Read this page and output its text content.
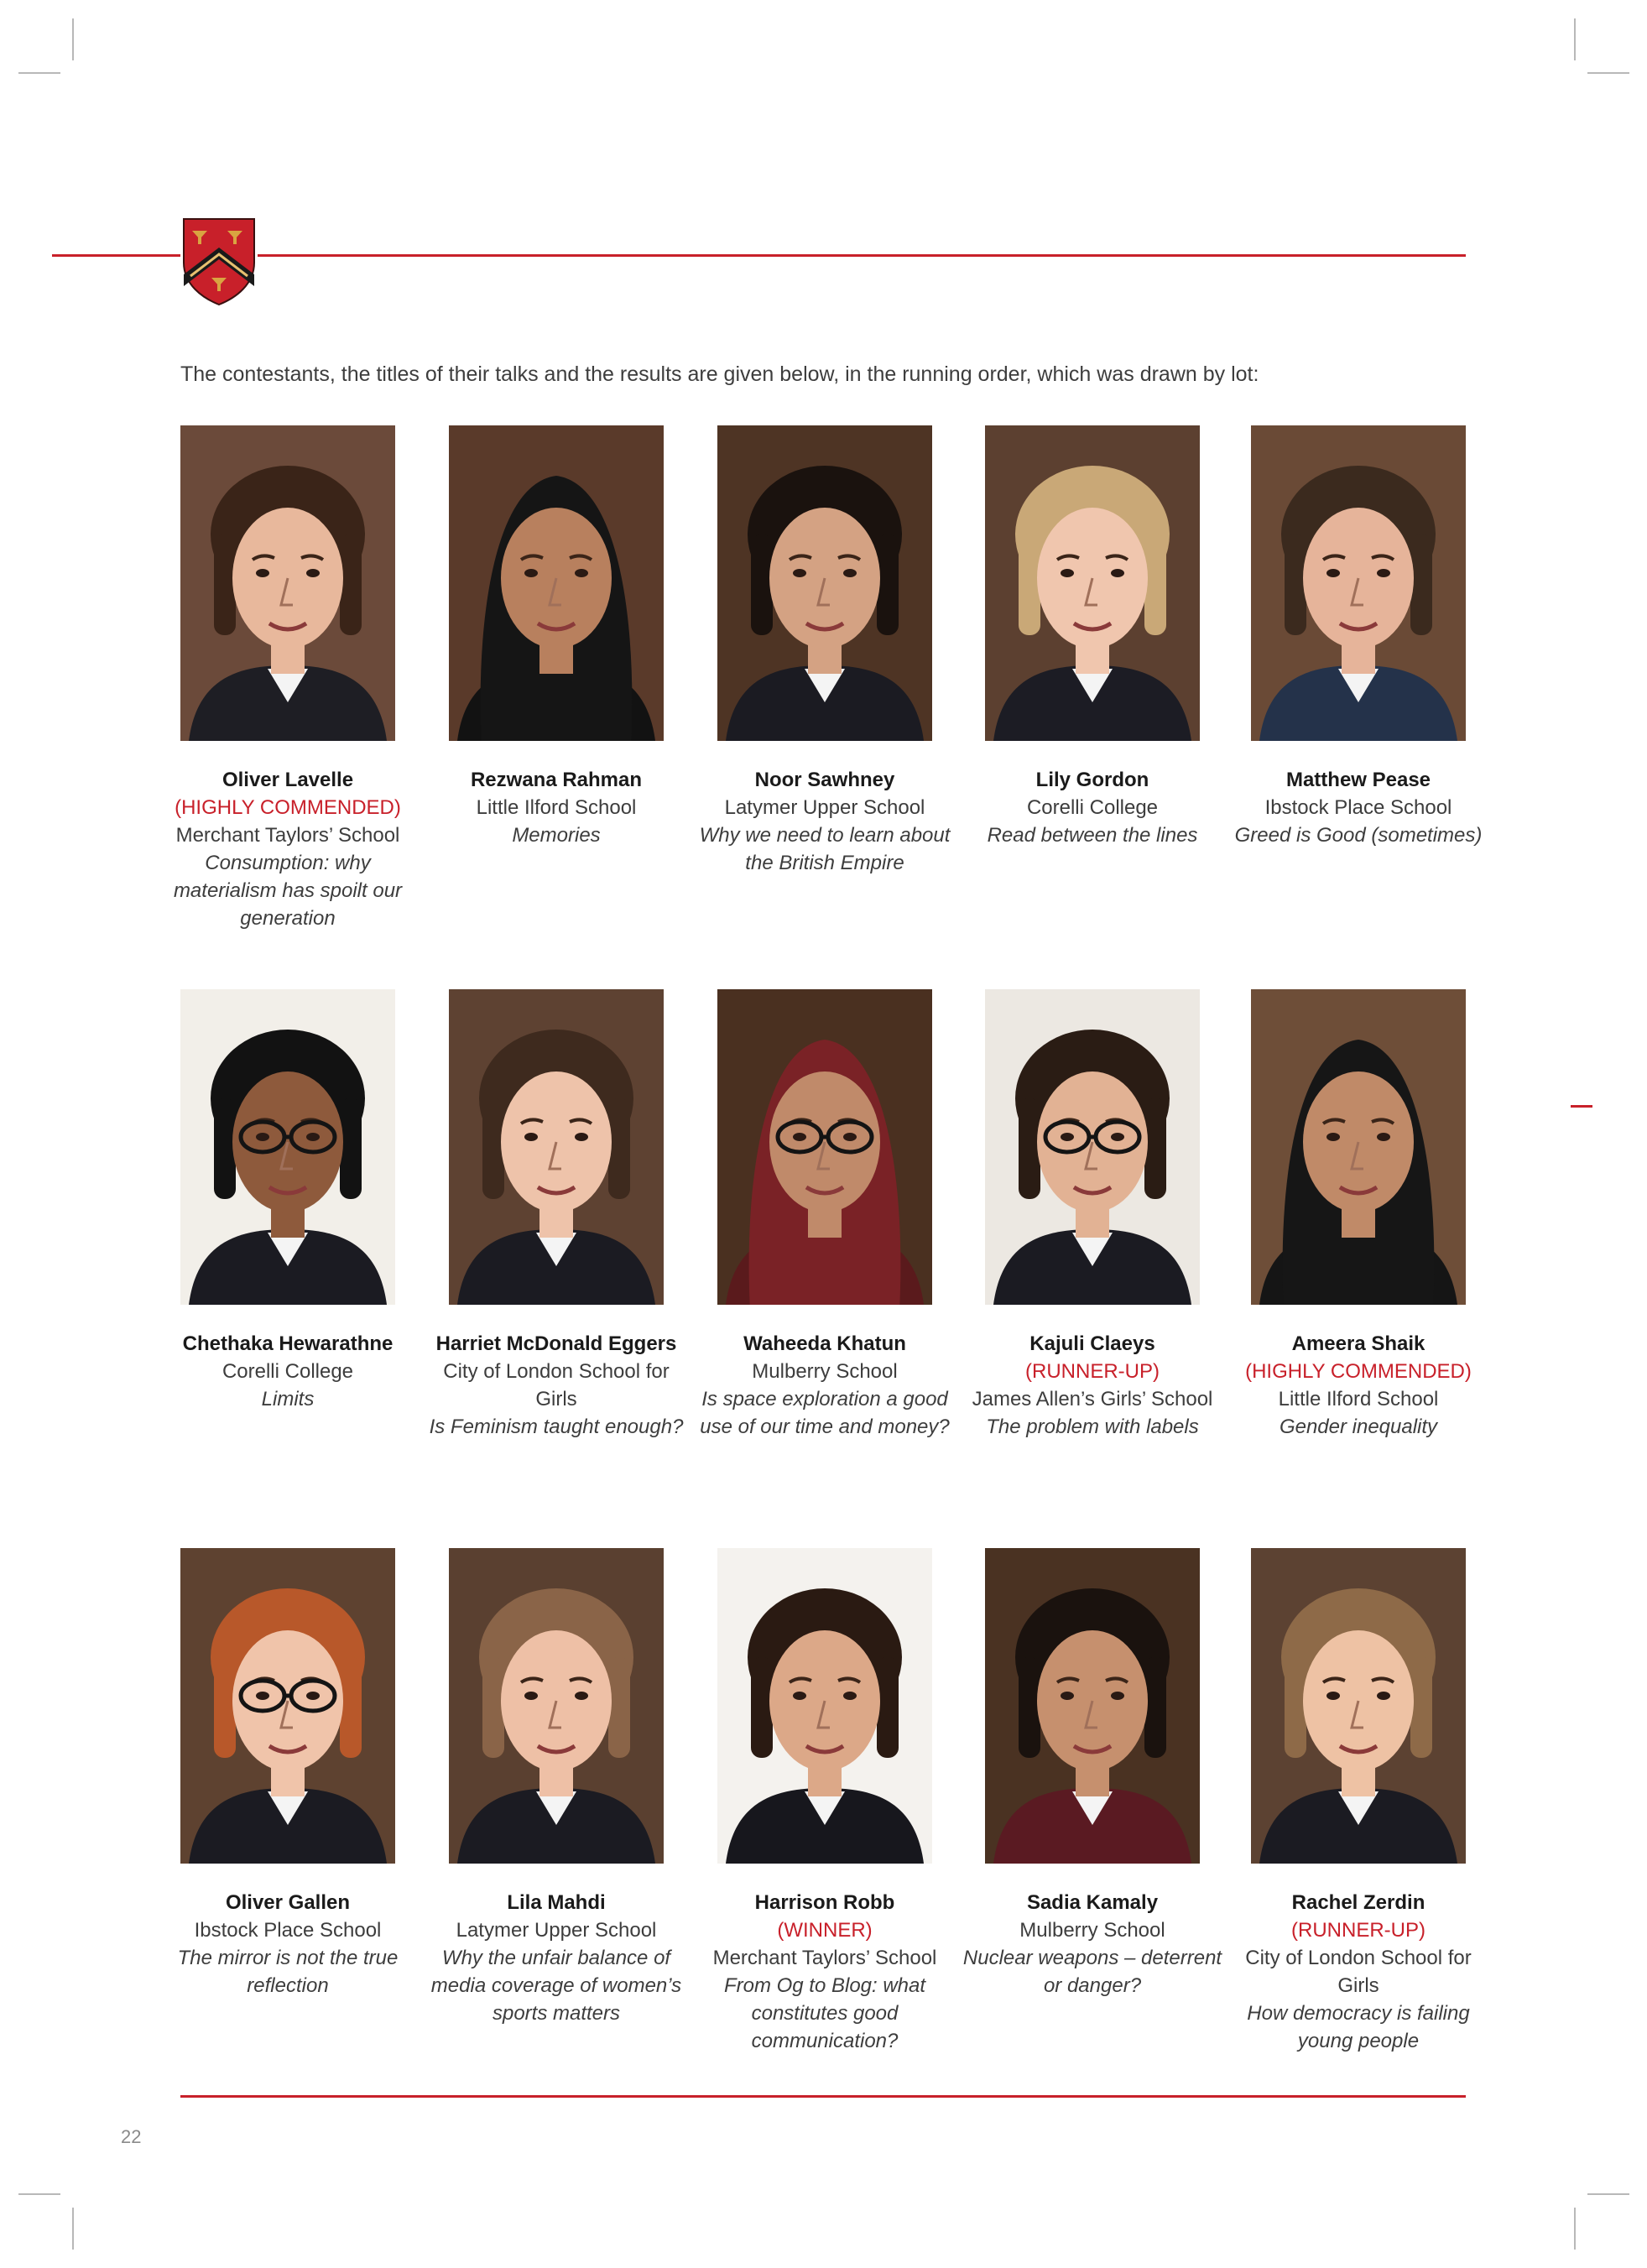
The contestants, the titles of their talks and the results are given below, in the running order, which was drawn by lot:
Oliver Lavelle
(HIGHLY COMMENDED)
Merchant Taylors’ School
Consumption: why materialism has spoilt our generation
Rezwana Rahman
Little Ilford School
Memories
Noor Sawhney
Latymer Upper School
Why we need to learn about the British Empire
Lily Gordon
Corelli College
Read between the lines
Matthew Pease
Ibstock Place School
Greed is Good (sometimes)
Chethaka Hewarathne
Corelli College
Limits
Harriet McDonald Eggers
City of London School for Girls
Is Feminism taught enough?
Waheeda Khatun
Mulberry School
Is space exploration a good use of our time and money?
Kajuli Claeys
(RUNNER-UP)
James Allen’s Girls’ School
The problem with labels
Ameera Shaik
(HIGHLY COMMENDED)
Little Ilford School
Gender inequality
Oliver Gallen
Ibstock Place School
The mirror is not the true reflection
Lila Mahdi
Latymer Upper School
Why the unfair balance of media coverage of women’s sports matters
Harrison Robb
(WINNER)
Merchant Taylors’ School
From Og to Blog: what constitutes good communication?
Sadia Kamaly
Mulberry School
Nuclear weapons – deterrent or danger?
Rachel Zerdin
(RUNNER-UP)
City of London School for Girls
How democracy is failing young people
22
